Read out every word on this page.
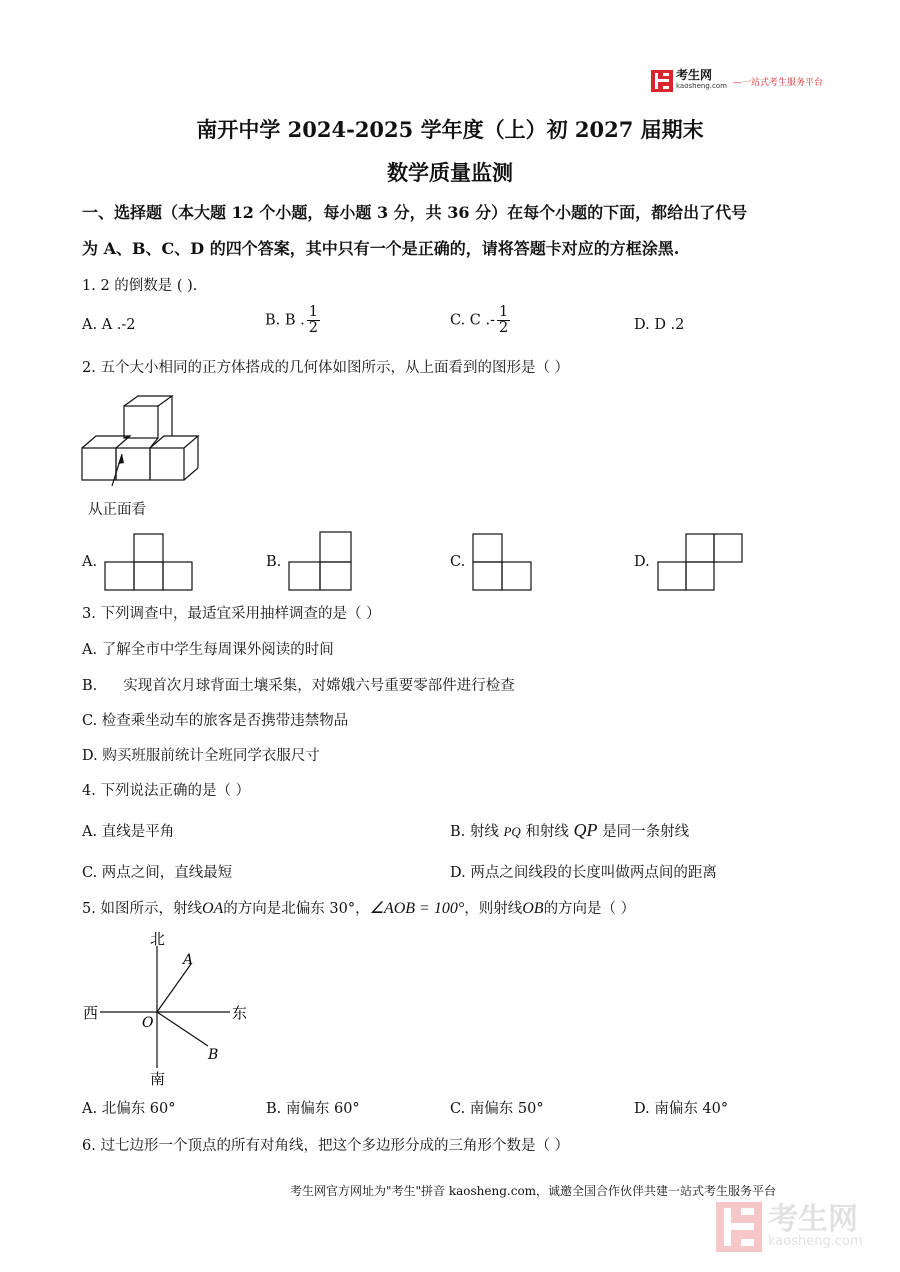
考生网
kaosheng.com —一站式考生服务平台
南开中学 2024-2025 学年度（上）初 2027 届期末
数学质量监测
一、选择题（本大题 12 个小题，每小题 3 分，共 36 分）在每个小题的下面，都给出了代号
为 A、B、C、D 的四个答案，其中只有一个是正确的，请将答题卡对应的方框涂黑.
1. 2 的倒数是 ( ).
A. A .-2	B. B . $\frac{1}{2}$	C. C .- $\frac{1}{2}$	D. D .2
2. 五个大小相同的正方体搭成的几何体如图所示，从上面看到的图形是（ ）
从正面看
A.	B.	C.	D.
3. 下列调查中，最适宜采用抽样调查的是（ ）
A. 了解全市中学生每周课外阅读的时间
B. 实现首次月球背面土壤采集，对嫦娥六号重要零部件进行检查
C. 检查乘坐动车的旅客是否携带违禁物品
D. 购买班服前统计全班同学衣服尺寸
4. 下列说法正确的是（ ）
A. 直线是平角	B. 射线 PQ 和射线 QP 是同一条射线
C. 两点之间，直线最短	D. 两点之间线段的长度叫做两点间的距离
5. 如图所示，射线OA的方向是北偏东 30°，∠AOB = 100°，则射线OB的方向是（ ）
北
南
西	东
O
A
B
A. 北偏东 60°	B. 南偏东 60°	C. 南偏东 50°	D. 南偏东 40°
6. 过七边形一个顶点的所有对角线，把这个多边形分成的三角形个数是（ ）
考生网官方网址为"考生"拼音 kaosheng.com，诚邀全国合作伙伴共建一站式考生服务平台
考生网
kaosheng.com
